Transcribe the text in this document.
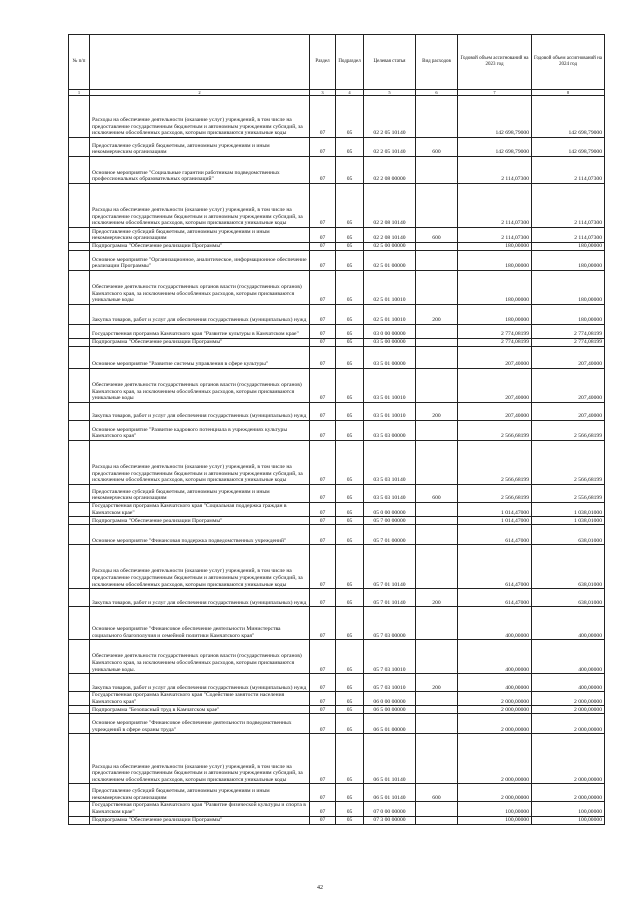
№ п/п		Раздел	Подраздел	Целевая статья	Вид расходов	Годовой объем ассигнований на 2023 год	Годовой объем ассигнований на 2024 год
1	2	3	4	5	6	7	8
	Расходы на обеспечение деятельности (оказание услуг) учреждений, в том числе на предоставление государственным бюджетным и автономным учреждениям субсидий, за исключением обособленных расходов, которым присваиваются уникальные коды	07	05	02 2 05 10140		142 698,79000	142 698,79000
	Предоставление субсидий бюджетным, автономным учреждениям и иным некоммерческим организациям	07	05	02 2 05 10140	600	142 698,79000	142 698,79000
	Основное мероприятие "Социальные гарантии работникам подведомственных профессиональных образовательных организаций"	07	05	02 2 08 00000		2 114,07300	2 114,07300
	Расходы на обеспечение деятельности (оказание услуг) учреждений, в том числе на предоставление государственным бюджетным и автономным учреждениям субсидий, за исключением обособленных расходов, которым присваиваются уникальные коды	07	05	02 2 08 10140		2 114,07300	2 114,07300
	Предоставление субсидий бюджетным, автономным учреждениям и иным некоммерческим организациям	07	05	02 2 08 10140	600	2 114,07300	2 114,07300
	Подпрограмма "Обеспечение реализации Программы"	07	05	02 5 00 00000		180,00000	180,00000
	Основное мероприятие "Организационное, аналитическое, информационное обеспечение реализации Программы"	07	05	02 5 01 00000		180,00000	180,00000
	Обеспечение деятельности государственных органов власти (государственных органов) Камчатского края, за исключением обособленных расходов, которым присваиваются уникальные коды	07	05	02 5 01 10010		180,00000	180,00000
	Закупка товаров, работ и услуг для обеспечения государственных (муниципальных) нужд	07	05	02 5 01 10010	200	180,00000	180,00000
	Государственная программа Камчатского края "Развитие культуры в Камчатском крае"	07	05	03 0 00 00000		2 774,08199	2 774,08199
	Подпрограмма "Обеспечение реализации Программы"	07	05	03 5 00 00000		2 774,08199	2 774,08199
	Основное мероприятие "Развитие системы управления в сфере культуры"	07	05	03 5 01 00000		207,40000	207,40000
	Обеспечение деятельности государственных органов власти (государственных органов) Камчатского края, за исключением обособленных расходов, которым присваиваются уникальные коды	07	05	03 5 01 10010		207,40000	207,40000
	Закупка товаров, работ и услуг для обеспечения государственных (муниципальных) нужд	07	05	03 5 01 10010	200	207,40000	207,40000
	Основное мероприятие "Развитие кадрового потенциала в учреждениях культуры Камчатского края"	07	05	03 5 03 00000		2 566,68199	2 566,68199
	Расходы на обеспечение деятельности (оказание услуг) учреждений, в том числе на предоставление государственным бюджетным и автономным учреждениям субсидий, за исключением обособленных расходов, которым присваиваются уникальные коды	07	05	03 5 03 10140		2 566,68199	2 566,68199
	Предоставление субсидий бюджетным, автономным учреждениям и иным некоммерческим организациям	07	05	03 5 03 10140	600	2 566,68199	2 556,68199
	Государственная программа Камчатского края "Социальная поддержка граждан в Камчатском крае"	07	05	05 0 00 00000		1 014,47000	1 038,01000
	Подпрограмма "Обеспечение реализации Программы"	07	05	05 7 00 00000		1 014,47000	1 038,01000
	Основное мероприятие "Финансовая поддержка подведомственных учреждений"	07	05	05 7 01 00000		614,47000	638,01000
	Расходы на обеспечение деятельности (оказание услуг) учреждений, в том числе на предоставление государственным бюджетным и автономным учреждениям субсидий, за исключением обособленных расходов, которым присваиваются уникальные коды	07	05	05 7 01 10140		614,47000	638,01000
	Закупка товаров, работ и услуг для обеспечения государственных (муниципальных) нужд	07	05	05 7 01 10140	200	614,47000	638,01000
	Основное мероприятие "Финансовое обеспечение деятельности Министерства социального благополучия и семейной политики Камчатского края"	07	05	05 7 03 00000		400,00000	400,00000
	Обеспечение деятельности государственных органов власти (государственных органов) Камчатского края, за исключением обособленных расходов, которым присваиваются уникальные коды.	07	05	05 7 03 10010		400,00000	400,00000
	Закупка товаров, работ и услуг для обеспечения государственных (муниципальных) нужд	07	05	05 7 03 10010	200	400,00000	400,00000
	Государственная программа Камчатского края "Содействие занятости населения Камчатского края"	07	05	06 0 00 00000		2 000,00000	2 000,00000
	Подпрограмма "Безопасный труд в Камчатском крае"	07	05	06 5 00 00000		2 000,00000	2 000,00000
	Основное мероприятие "Финансовое обеспечение деятельности подведомственных учреждений в сфере охраны труда"	07	05	06 5 01 00000		2 000,00000	2 000,00000
	Расходы на обеспечение деятельности (оказание услуг) учреждений, в том числе на предоставление государственным бюджетным и автономным учреждениям субсидий, за исключением обособленных расходов, которым присваиваются уникальные коды	07	05	06 5 01 10140		2 000,00000	2 000,00000
	Предоставление субсидий бюджетным, автономным учреждениям и иным некоммерческим организациям	07	05	06 5 01 10140	600	2 000,00000	2 000,00000
	Государственная программа Камчатского края "Развитие физической культуры и спорта в Камчатском крае"	07	05	07 0 00 00000		100,00000	100,00000
	Подпрограмма "Обеспечение реализации Программы"	07	05	07 3 00 00000		100,00000	100,00000
42
